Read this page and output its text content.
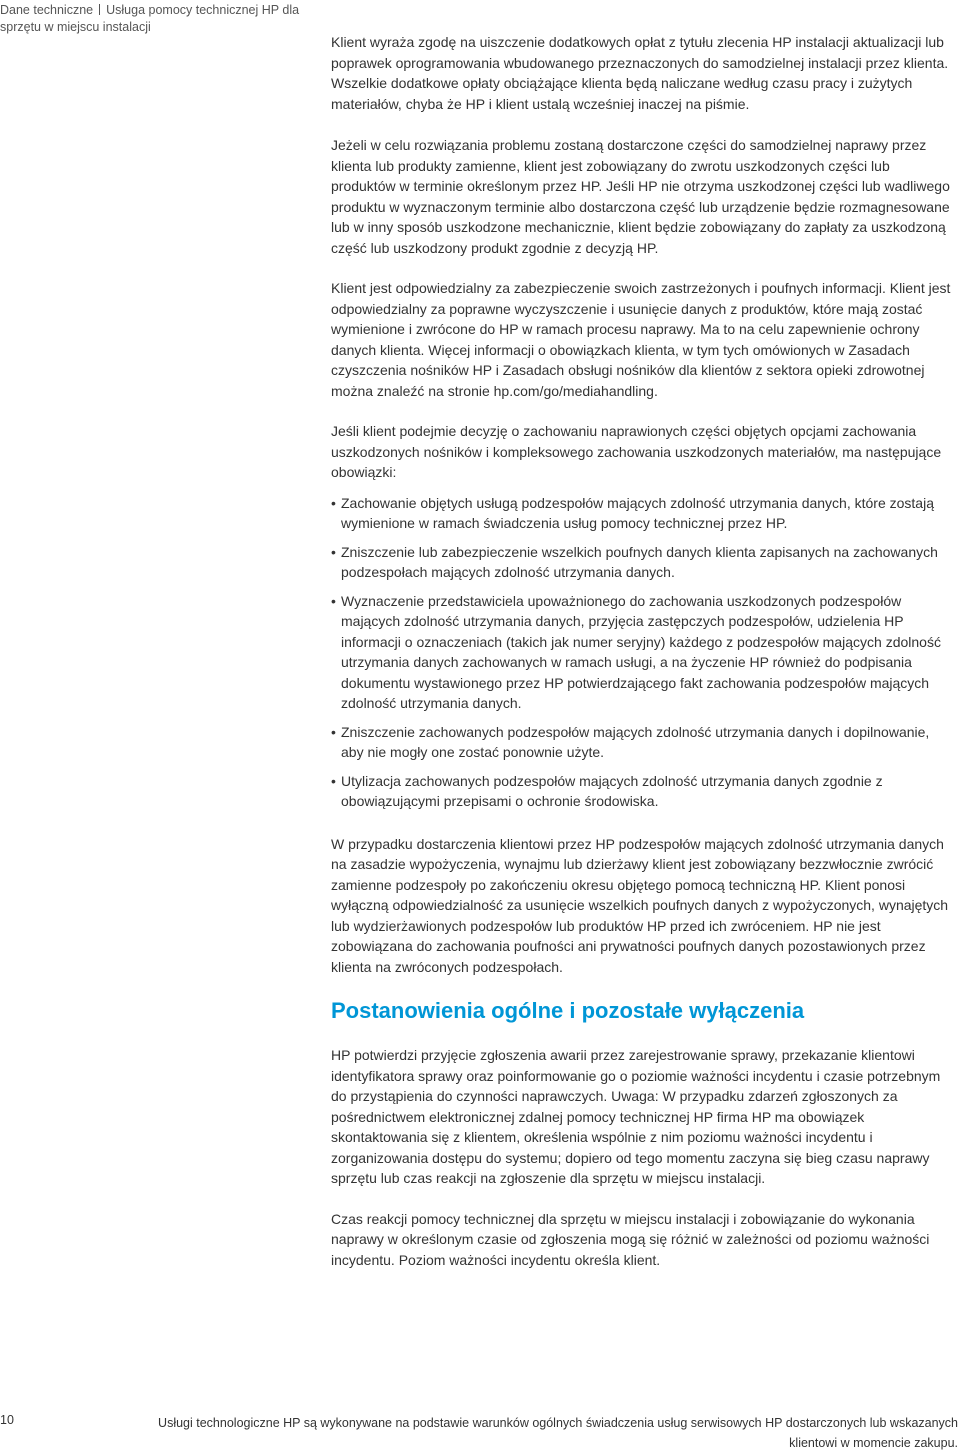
Dane techniczne Usługa pomocy technicznej HP dla sprzętu w miejscu instalacji

Klient wyraża zgodę na uiszczenie dodatkowych opłat z tytułu zlecenia HP instalacji aktualizacji lub poprawek oprogramowania wbudowanego przeznaczonych do samodzielnej instalacji przez klienta. Wszelkie dodatkowe opłaty obciążające klienta będą naliczane według czasu pracy i zużytych materiałów, chyba że HP i klient ustalą wcześniej inaczej na piśmie.

Jeżeli w celu rozwiązania problemu zostaną dostarczone części do samodzielnej naprawy przez klienta lub produkty zamienne, klient jest zobowiązany do zwrotu uszkodzonych części lub produktów w terminie określonym przez HP. Jeśli HP nie otrzyma uszkodzonej części lub wadliwego produktu w wyznaczonym terminie albo dostarczona część lub urządzenie będzie rozmagnesowane lub w inny sposób uszkodzone mechanicznie, klient będzie zobowiązany do zapłaty za uszkodzoną część lub uszkodzony produkt zgodnie z decyzją HP.

Klient jest odpowiedzialny za zabezpieczenie swoich zastrzeżonych i poufnych informacji. Klient jest odpowiedzialny za poprawne wyczyszczenie i usunięcie danych z produktów, które mają zostać wymienione i zwrócone do HP w ramach procesu naprawy. Ma to na celu zapewnienie ochrony danych klienta. Więcej informacji o obowiązkach klienta, w tym tych omówionych w Zasadach czyszczenia nośników HP i Zasadach obsługi nośników dla klientów z sektora opieki zdrowotnej można znaleźć na stronie hp.com/go/mediahandling.

Jeśli klient podejmie decyzję o zachowaniu naprawionych części objętych opcjami zachowania uszkodzonych nośników i kompleksowego zachowania uszkodzonych materiałów, ma następujące obowiązki:

• Zachowanie objętych usługą podzespołów mających zdolność utrzymania danych, które zostają wymienione w ramach świadczenia usług pomocy technicznej przez HP.
• Zniszczenie lub zabezpieczenie wszelkich poufnych danych klienta zapisanych na zachowanych podzespołach mających zdolność utrzymania danych.
• Wyznaczenie przedstawiciela upoważnionego do zachowania uszkodzonych podzespołów mających zdolność utrzymania danych, przyjęcia zastępczych podzespołów, udzielenia HP informacji o oznaczeniach (takich jak numer seryjny) każdego z podzespołów mających zdolność utrzymania danych zachowanych w ramach usługi, a na życzenie HP również do podpisania dokumentu wystawionego przez HP potwierdzającego fakt zachowania podzespołów mających zdolność utrzymania danych.
• Zniszczenie zachowanych podzespołów mających zdolność utrzymania danych i dopilnowanie, aby nie mogły one zostać ponownie użyte.
• Utylizacja zachowanych podzespołów mających zdolność utrzymania danych zgodnie z obowiązującymi przepisami o ochronie środowiska.

W przypadku dostarczenia klientowi przez HP podzespołów mających zdolność utrzymania danych na zasadzie wypożyczenia, wynajmu lub dzierżawy klient jest zobowiązany bezzwłocznie zwrócić zamienne podzespoły po zakończeniu okresu objętego pomocą techniczną HP. Klient ponosi wyłączną odpowiedzialność za usunięcie wszelkich poufnych danych z wypożyczonych, wynajętych lub wydzierżawionych podzespołów lub produktów HP przed ich zwróceniem. HP nie jest zobowiązana do zachowania poufności ani prywatności poufnych danych pozostawionych przez klienta na zwróconych podzespołach.

Postanowienia ogólne i pozostałe wyłączenia

HP potwierdzi przyjęcie zgłoszenia awarii przez zarejestrowanie sprawy, przekazanie klientowi identyfikatora sprawy oraz poinformowanie go o poziomie ważności incydentu i czasie potrzebnym do przystąpienia do czynności naprawczych. Uwaga: W przypadku zdarzeń zgłoszonych za pośrednictwem elektronicznej zdalnej pomocy technicznej HP firma HP ma obowiązek skontaktowania się z klientem, określenia wspólnie z nim poziomu ważności incydentu i zorganizowania dostępu do systemu; dopiero od tego momentu zaczyna się bieg czasu naprawy sprzętu lub czas reakcji na zgłoszenie dla sprzętu w miejscu instalacji.

Czas reakcji pomocy technicznej dla sprzętu w miejscu instalacji i zobowiązanie do wykonania naprawy w określonym czasie od zgłoszenia mogą się różnić w zależności od poziomu ważności incydentu. Poziom ważności incydentu określa klient.

10	Usługi technologiczne HP są wykonywane na podstawie warunków ogólnych świadczenia usług serwisowych HP dostarczonych lub wskazanych klientowi w momencie zakupu.
